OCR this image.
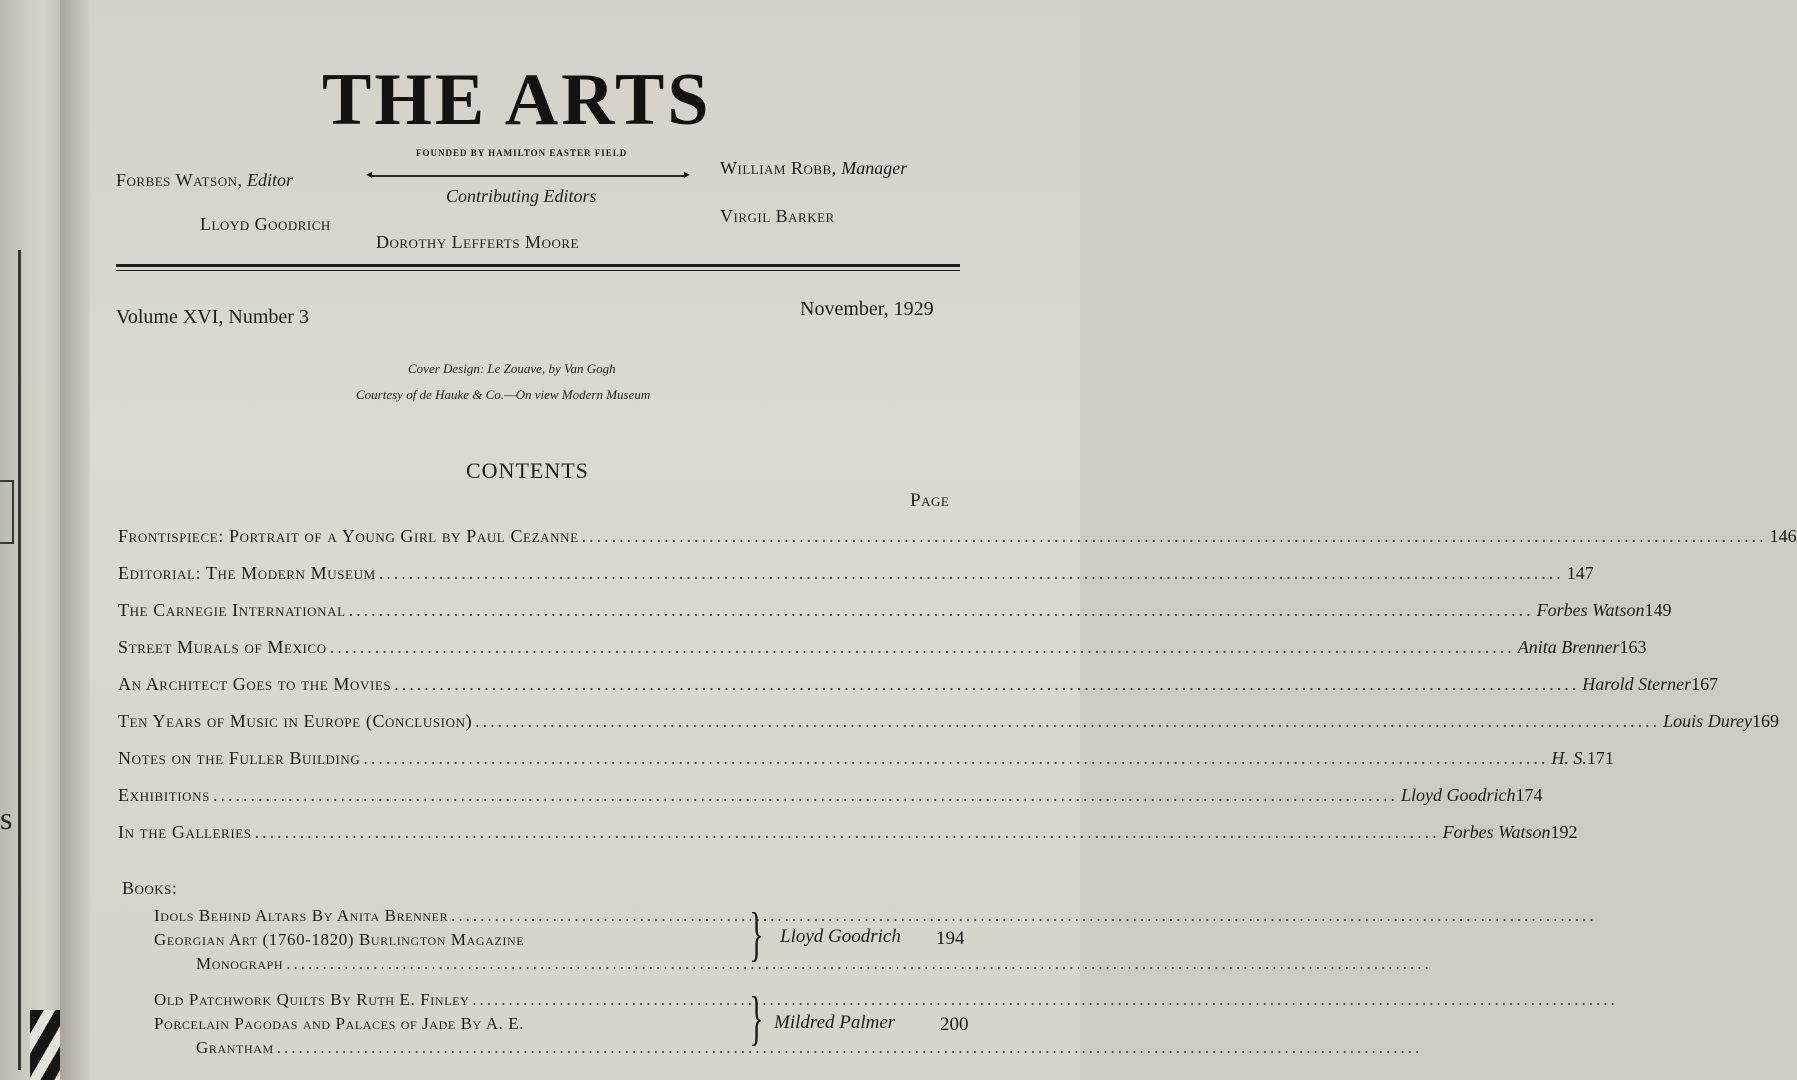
s
THE ARTS
FOUNDED BY HAMILTON EASTER FIELD
Forbes Watson, Editor
◂ ▸
Contributing Editors
William Robb, Manager
Lloyd Goodrich
Dorothy Lefferts Moore
Virgil Barker
Volume XVI, Number 3	November, 1929
Cover Design: Le Zouave, by Van Gogh
Courtesy of de Hauke & Co.—On view Modern Museum
CONTENTS
Page
Frontispiece: Portrait of a Young Girl by Paul Cezanne .............................................................................................................................................................. 146
Editorial: The Modern Museum .............................................................................................................................................................. 147
The Carnegie International .............................................................................................................................................................. Forbes Watson 149
Street Murals of Mexico .............................................................................................................................................................. Anita Brenner 163
An Architect Goes to the Movies .............................................................................................................................................................. Harold Sterner 167
Ten Years of Music in Europe (Conclusion) .............................................................................................................................................................. Louis Durey 169
Notes on the Fuller Building .............................................................................................................................................................. H. S. 171
Exhibitions .............................................................................................................................................................. Lloyd Goodrich 174
In the Galleries .............................................................................................................................................................. Forbes Watson 192
Books:
Idols Behind Altars By Anita Brenner ..............................................................................................................................................................
Georgian Art (1760-1820) Burlington Magazine
Monograph ..............................................................................................................................................................
} Lloyd Goodrich 194
Old Patchwork Quilts By Ruth E. Finley ..............................................................................................................................................................
Porcelain Pagodas and Palaces of Jade By A. E.
Grantham ..............................................................................................................................................................
} Mildred Palmer 200
